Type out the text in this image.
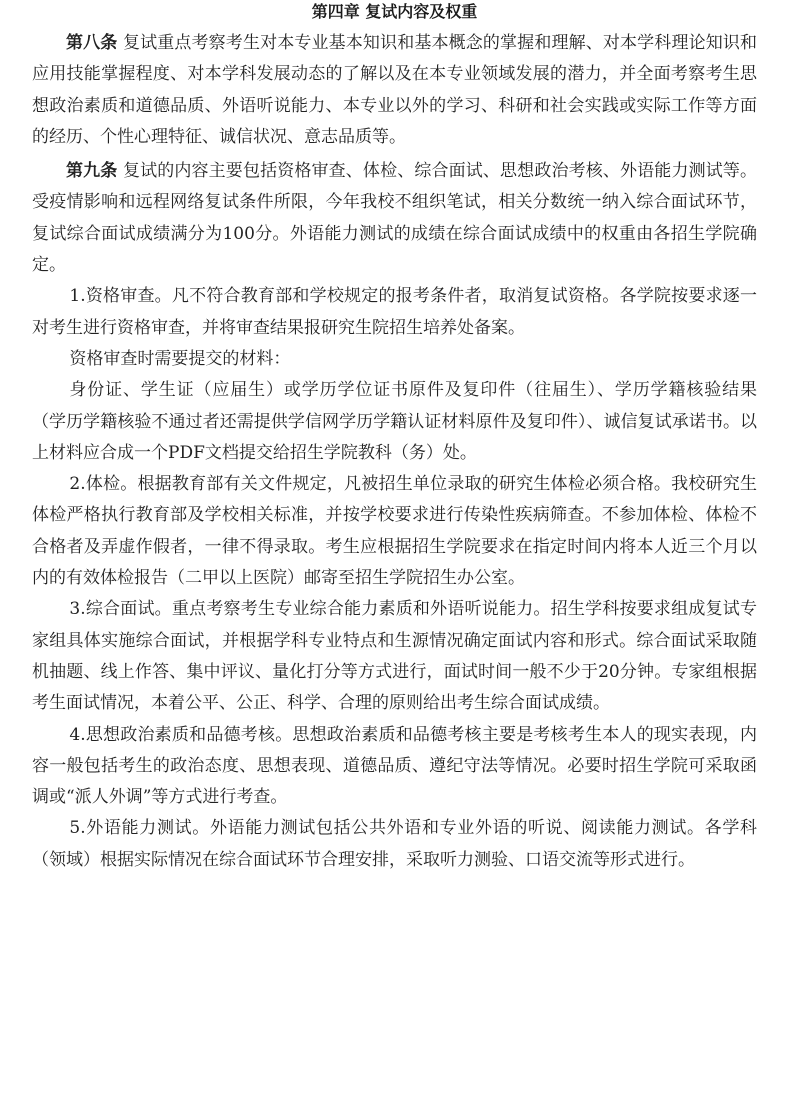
第四章 复试内容及权重

第八条 复试重点考察考生对本专业基本知识和基本概念的掌握和理解、对本学科理论知识和应用技能掌握程度、对本学科发展动态的了解以及在本专业领域发展的潜力，并全面考察考生思想政治素质和道德品质、外语听说能力、本专业以外的学习、科研和社会实践或实际工作等方面的经历、个性心理特征、诚信状况、意志品质等。

第九条 复试的内容主要包括资格审查、体检、综合面试、思想政治考核、外语能力测试等。受疫情影响和远程网络复试条件所限，今年我校不组织笔试，相关分数统一纳入综合面试环节，复试综合面试成绩满分为100分。外语能力测试的成绩在综合面试成绩中的权重由各招生学院确定。

1.资格审查。凡不符合教育部和学校规定的报考条件者，取消复试资格。各学院按要求逐一对考生进行资格审查，并将审查结果报研究生院招生培养处备案。

资格审查时需要提交的材料：

身份证、学生证（应届生）或学历学位证书原件及复印件（往届生）、学历学籍核验结果（学历学籍核验不通过者还需提供学信网学历学籍认证材料原件及复印件）、诚信复试承诺书。以上材料应合成一个PDF文档提交给招生学院教科（务）处。

2.体检。根据教育部有关文件规定，凡被招生单位录取的研究生体检必须合格。我校研究生体检严格执行教育部及学校相关标准，并按学校要求进行传染性疾病筛查。不参加体检、体检不合格者及弄虚作假者，一律不得录取。考生应根据招生学院要求在指定时间内将本人近三个月以内的有效体检报告（二甲以上医院）邮寄至招生学院招生办公室。

3.综合面试。重点考察考生专业综合能力素质和外语听说能力。招生学科按要求组成复试专家组具体实施综合面试，并根据学科专业特点和生源情况确定面试内容和形式。综合面试采取随机抽题、线上作答、集中评议、量化打分等方式进行，面试时间一般不少于20分钟。专家组根据考生面试情况，本着公平、公正、科学、合理的原则给出考生综合面试成绩。

4.思想政治素质和品德考核。思想政治素质和品德考核主要是考核考生本人的现实表现，内容一般包括考生的政治态度、思想表现、道德品质、遵纪守法等情况。必要时招生学院可采取函调或“派人外调”等方式进行考查。

5.外语能力测试。外语能力测试包括公共外语和专业外语的听说、阅读能力测试。各学科（领域）根据实际情况在综合面试环节合理安排，采取听力测验、口语交流等形式进行。
